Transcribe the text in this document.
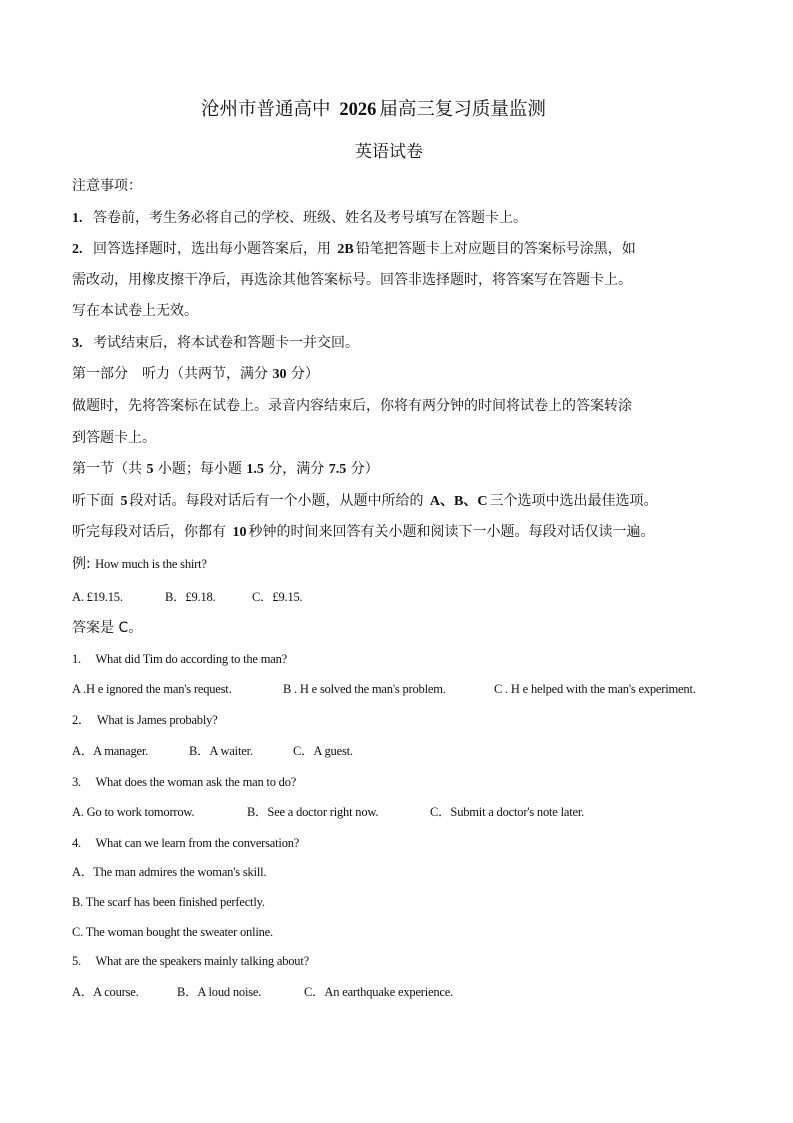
沧州市普通高中 2026 届高三复习质量监测
英语试卷
注意事项：
1. 答卷前，考生务必将自己的学校、班级、姓名及考号填写在答题卡上。
2. 回答选择题时，选出每小题答案后，用 2B 铅笔把答题卡上对应题目的答案标号涂黑，如
需改动，用橡皮擦干净后，再选涂其他答案标号。回答非选择题时，将答案写在答题卡上。
写在本试卷上无效。
3. 考试结束后，将本试卷和答题卡一并交回。
第一部分　听力（共两节，满分 30 分）
做题时，先将答案标在试卷上。录音内容结束后，你将有两分钟的时间将试卷上的答案转涂
到答题卡上。
第一节（共 5 小题；每小题 1.5 分，满分 7.5 分）
听下面 5 段对话。每段对话后有一个小题，从题中所给的 A、B、C 三个选项中选出最佳选项。
听完每段对话后，你都有 10 秒钟的时间来回答有关小题和阅读下一小题。每段对话仅读一遍。
例: How much is the shirt?
A. £19.15.	B．£9.18.	C．£9.15.
答案是 C。
1. What did Tim do according to the man?
A .H e ignored the man's request.	B . H e solved the man's problem.	C . H e helped with the man's experiment.
2． What is James probably?
A．A manager.	B．A waiter.	C．A guest.
3. What does the woman ask the man to do?
A. Go to work tomorrow.	B．See a doctor right now.	C．Submit a doctor's note later.
4. What can we learn from the conversation?
A．The man admires the woman's skill.
B. The scarf has been finished perfectly.
C. The woman bought the sweater online.
5. What are the speakers mainly talking about?
A．A course.	B．A loud noise.	C．An earthquake experience.
